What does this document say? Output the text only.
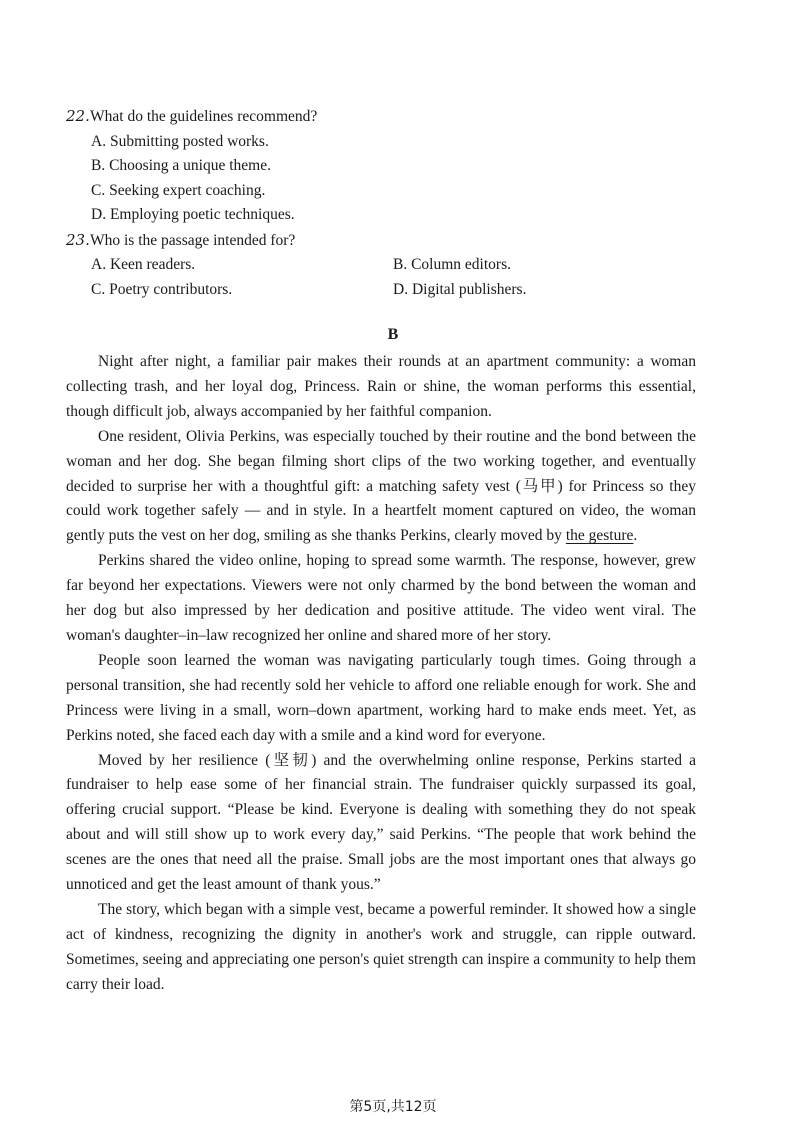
22.What do the guidelines recommend?
A. Submitting posted works.
B. Choosing a unique theme.
C. Seeking expert coaching.
D. Employing poetic techniques.
23.Who is the passage intended for?
A. Keen readers.	B. Column editors.
C. Poetry contributors.	D. Digital publishers.
B

Night after night, a familiar pair makes their rounds at an apartment community: a woman collecting trash, and her loyal dog, Princess. Rain or shine, the woman performs this essential, though difficult job, always accompanied by her faithful companion.

One resident, Olivia Perkins, was especially touched by their routine and the bond between the woman and her dog. She began filming short clips of the two working together, and eventually decided to surprise her with a thoughtful gift: a matching safety vest (马甲) for Princess so they could work together safely — and in style. In a heartfelt moment captured on video, the woman gently puts the vest on her dog, smiling as she thanks Perkins, clearly moved by the gesture.

Perkins shared the video online, hoping to spread some warmth. The response, however, grew far beyond her expectations. Viewers were not only charmed by the bond between the woman and her dog but also impressed by her dedication and positive attitude. The video went viral. The woman's daughter–in–law recognized her online and shared more of her story.

People soon learned the woman was navigating particularly tough times. Going through a personal transition, she had recently sold her vehicle to afford one reliable enough for work. She and Princess were living in a small, worn–down apartment, working hard to make ends meet. Yet, as Perkins noted, she faced each day with a smile and a kind word for everyone.

Moved by her resilience (坚韧) and the overwhelming online response, Perkins started a fundraiser to help ease some of her financial strain. The fundraiser quickly surpassed its goal, offering crucial support. “Please be kind. Everyone is dealing with something they do not speak about and will still show up to work every day,” said Perkins. “The people that work behind the scenes are the ones that need all the praise. Small jobs are the most important ones that always go unnoticed and get the least amount of thank yous.”

The story, which began with a simple vest, became a powerful reminder. It showed how a single act of kindness, recognizing the dignity in another's work and struggle, can ripple outward. Sometimes, seeing and appreciating one person's quiet strength can inspire a community to help them carry their load.

第5页,共12页
